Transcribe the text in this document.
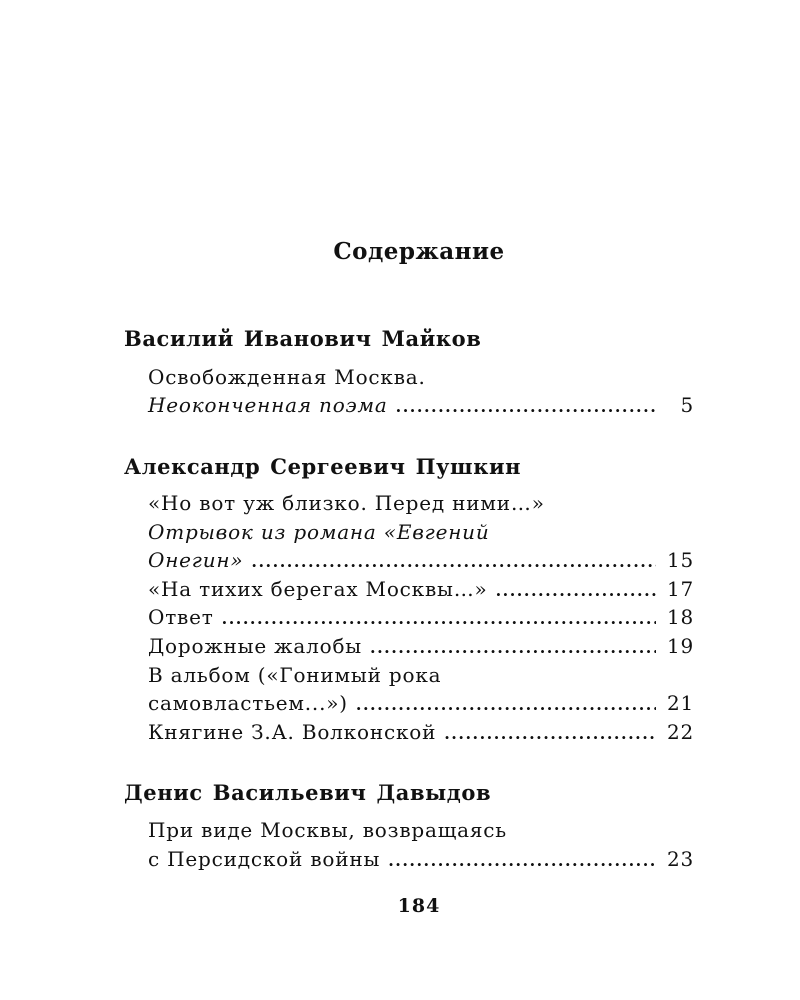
Содержание
Василий Иванович Майков
Освобожденная Москва.
Неоконченная поэма .....	5
Александр Сергеевич Пушкин
«Но вот уж близко. Перед ними…»
Отрывок из романа «Евгений
Онегин» .....	15
«На тихих берегах Москвы…» .....	17
Ответ .....	18
Дорожные жалобы .....	19
В альбом («Гонимый рока
самовластьем...») .....	21
Княгине З.А. Волконской .....	22
Денис Васильевич Давыдов
При виде Москвы, возвращаясь
с Персидской войны .....	23
184
